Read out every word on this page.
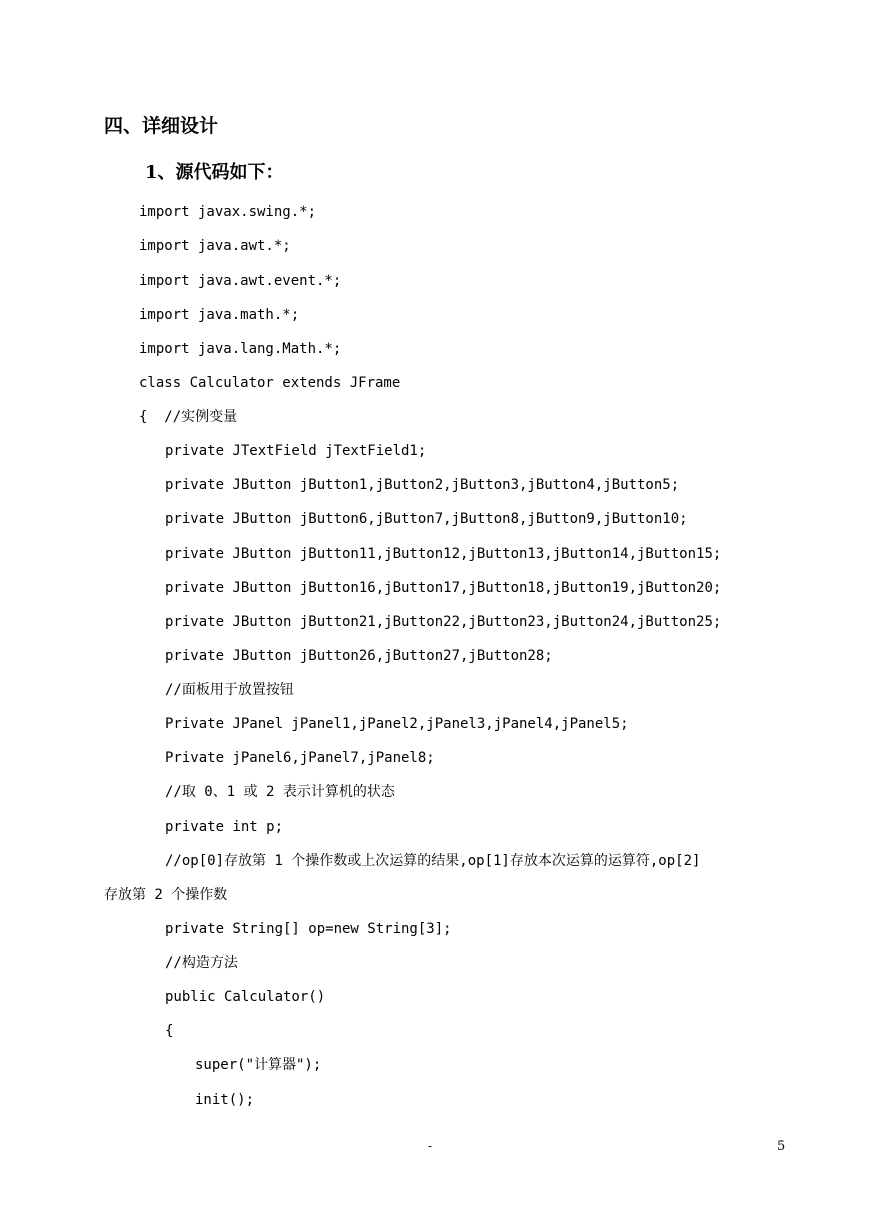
四、详细设计
1、源代码如下：
import javax.swing.*;
import java.awt.*;
import java.awt.event.*;
import java.math.*;
import java.lang.Math.*;
class Calculator extends JFrame
{  //实例变量
private JTextField jTextField1;
private JButton jButton1,jButton2,jButton3,jButton4,jButton5;
private JButton jButton6,jButton7,jButton8,jButton9,jButton10;
private JButton jButton11,jButton12,jButton13,jButton14,jButton15;
private JButton jButton16,jButton17,jButton18,jButton19,jButton20;
private JButton jButton21,jButton22,jButton23,jButton24,jButton25;
private JButton jButton26,jButton27,jButton28;
//面板用于放置按钮
Private JPanel jPanel1,jPanel2,jPanel3,jPanel4,jPanel5;
Private jPanel6,jPanel7,jPanel8;
//取 0、1 或 2 表示计算机的状态
private int p;
//op[0]存放第 1 个操作数或上次运算的结果,op[1]存放本次运算的运算符,op[2]
存放第 2 个操作数
private String[] op=new String[3];
//构造方法
public Calculator()
{
super("计算器");
init();
-	5
